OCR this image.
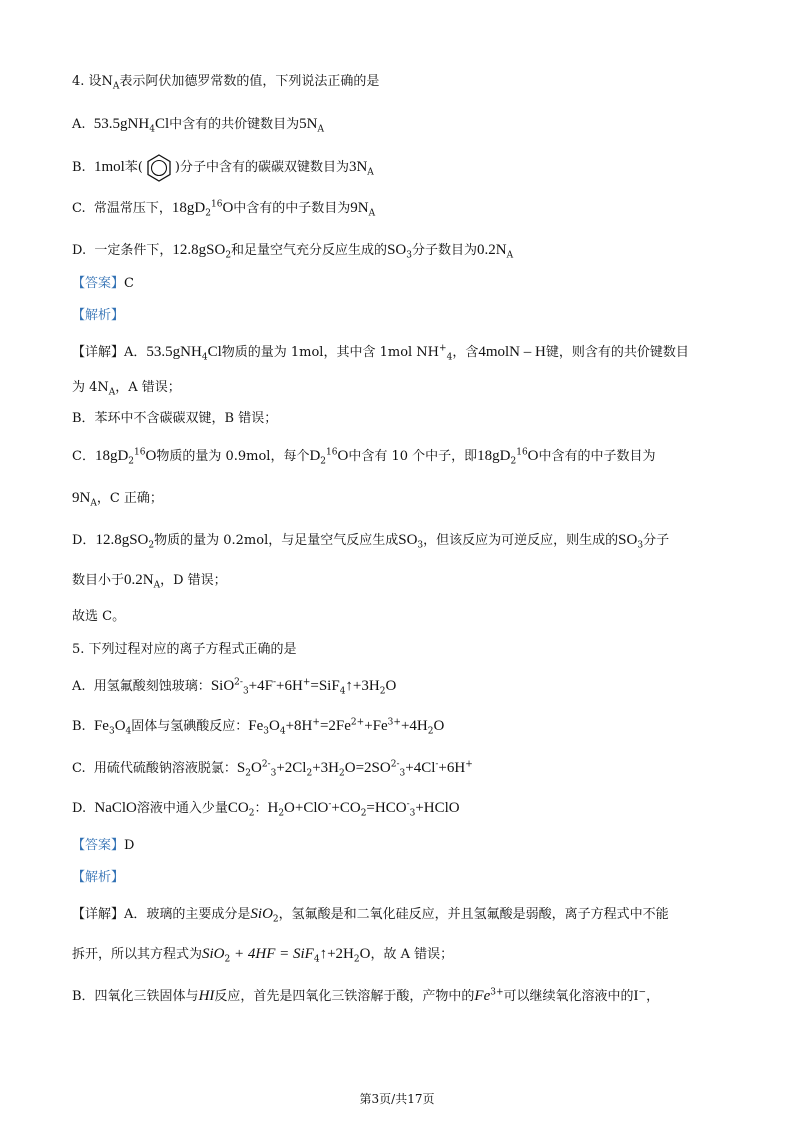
4. 设$N_A$表示阿伏加德罗常数的值，下列说法正确的是
A. 53.5gNH$_4$Cl中含有的共价键数目为$5N_A$
B. 1mol苯( )分子中含有的碳碳双键数目为$3N_A$
C. 常温常压下，$18gD_2^{16}O$中含有的中子数目为$9N_A$
D. 一定条件下，12.8gSO$_2$和足量空气充分反应生成的$SO_3$分子数目为$0.2N_A$
【答案】C
【解析】
【详解】A．53.5gNH$_4$Cl物质的量为 1mol，其中含 1mol $NH^+_4$，含4molN – H键，则含有的共价键数目
为 $4N_A$，A 错误；
B．苯环中不含碳碳双键，B 错误；
C．$18gD_2^{16}O$物质的量为 0.9mol，每个$D_2^{16}O$中含有 10 个中子，即$18gD_2^{16}O$中含有的中子数目为
$9N_A$，C 正确；
D．12.8gSO$_2$物质的量为 0.2mol，与足量空气反应生成$SO_3$，但该反应为可逆反应，则生成的$SO_3$分子
数目小于$0.2N_A$，D 错误；
故选 C。
5. 下列过程对应的离子方程式正确的是
A. 用氢氟酸刻蚀玻璃：$SiO^{2-}_3+4F^-+6H^+=SiF_4↑+3H_2O$
B. $Fe_3O_4$固体与氢碘酸反应：$Fe_3O_4+8H^+=2Fe^{2+}+Fe^{3+}+4H_2O$
C. 用硫代硫酸钠溶液脱氯：$S_2O^{2-}_3+2Cl_2+3H_2O=2SO^{2-}_3+4Cl^-+6H^+$
D. NaClO溶液中通入少量$CO_2$：$H_2O+ClO^-+CO_2=HCO^-_3+HClO$
【答案】D
【解析】
【详解】A．玻璃的主要成分是SiO$_2$，氢氟酸是和二氧化硅反应，并且氢氟酸是弱酸，离子方程式中不能
拆开，所以其方程式为$SiO_2 + 4HF = SiF_4↑+2H_2O$，故 A 错误；
B．四氧化三铁固体与HI反应，首先是四氧化三铁溶解于酸，产物中的$Fe^{3+}$可以继续氧化溶液中的I−，
第3页/共17页
